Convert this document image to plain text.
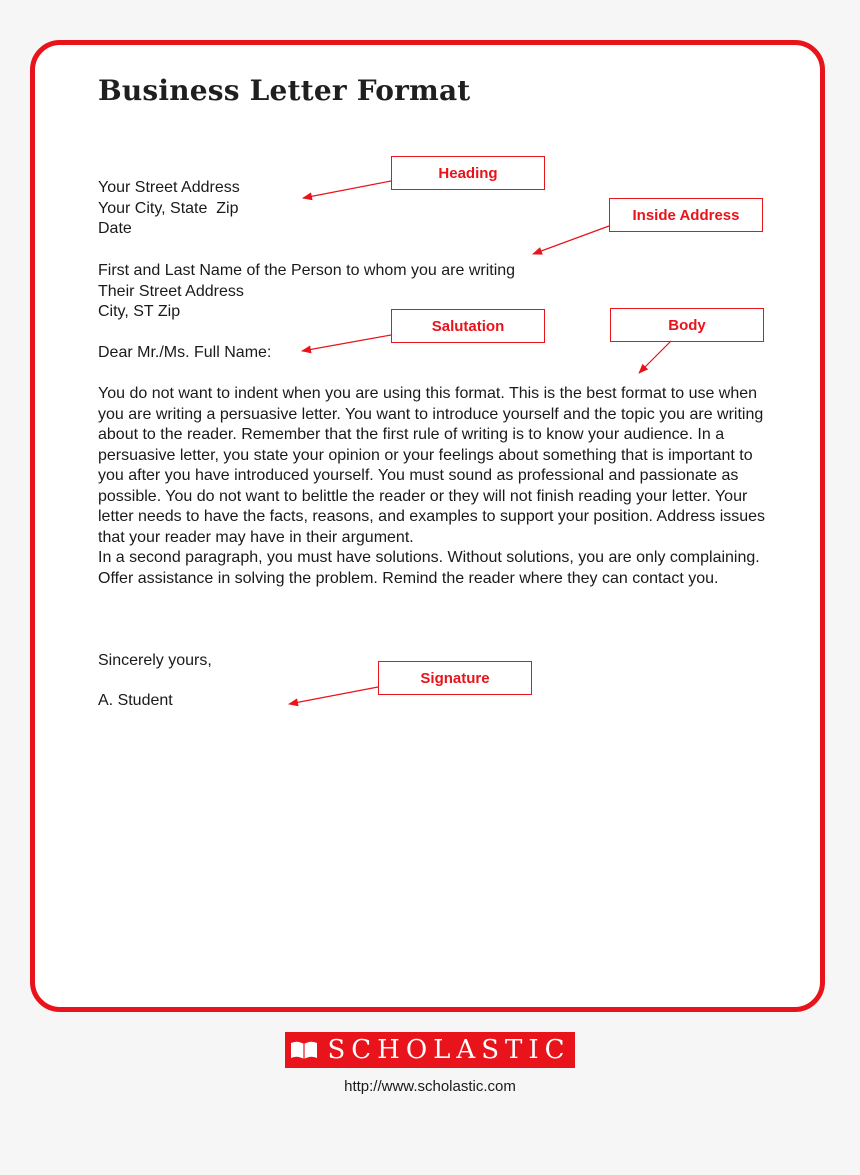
Business Letter Format
Your Street Address
Your City, State  Zip
Date
First and Last Name of the Person to whom you are writing
Their Street Address
City, ST Zip
Dear Mr./Ms. Full Name:
You do not want to indent when you are using this format. This is the best format to use when you are writing a persuasive letter. You want to introduce yourself and the topic you are writing about to the reader. Remember that the first rule of writing is to know your audience. In a persuasive letter, you state your opinion or your feelings about something that is important to you after you have introduced yourself. You must sound as professional and passionate as possible. You do not want to belittle the reader or they will not finish reading your letter. Your letter needs to have the facts, reasons, and examples to support your position. Address issues that your reader may have in their argument.
In a second paragraph, you must have solutions. Without solutions, you are only complaining. Offer assistance in solving the problem. Remind the reader where they can contact you.
Sincerely yours,
A. Student
Heading
Inside Address
Salutation	Body
Signature
SCHOLASTIC
http://www.scholastic.com
